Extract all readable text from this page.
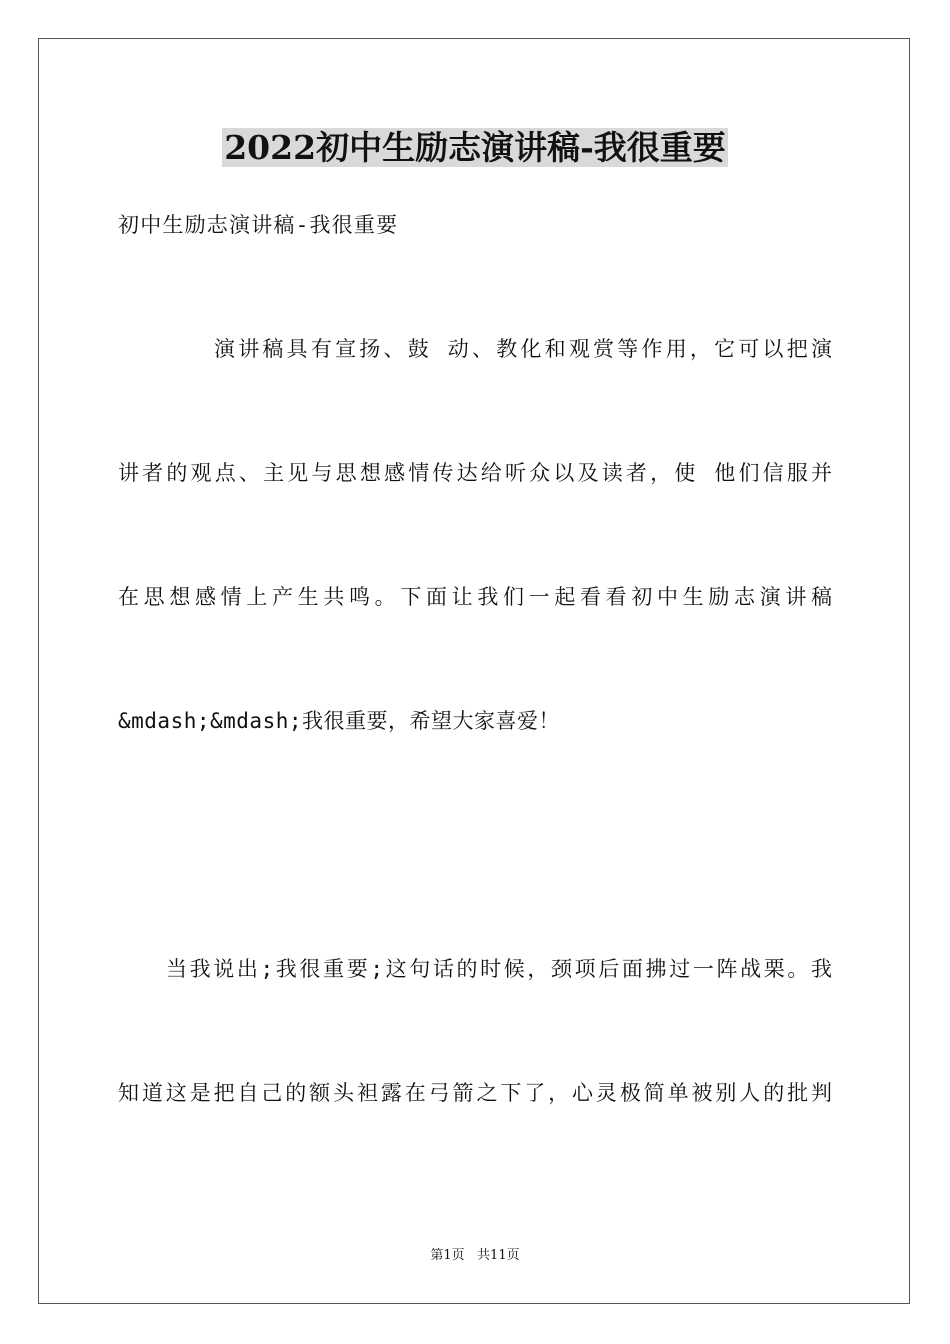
2022初中生励志演讲稿-我很重要
初中生励志演讲稿-我很重要
演讲稿具有宣扬、鼓 动、教化和观赏等作用，它可以把演
讲者的观点、主见与思想感情传达给听众以及读者，使 他们信服并
在思想感情上产生共鸣。下面让我们一起看看初中生励志演讲稿
&mdash;&mdash;我很重要，希望大家喜爱！
当我说出;我很重要;这句话的时候，颈项后面拂过一阵战栗。我
知道这是把自己的额头袒露在弓箭之下了，心灵极简单被别人的批判
第1页   共11页
